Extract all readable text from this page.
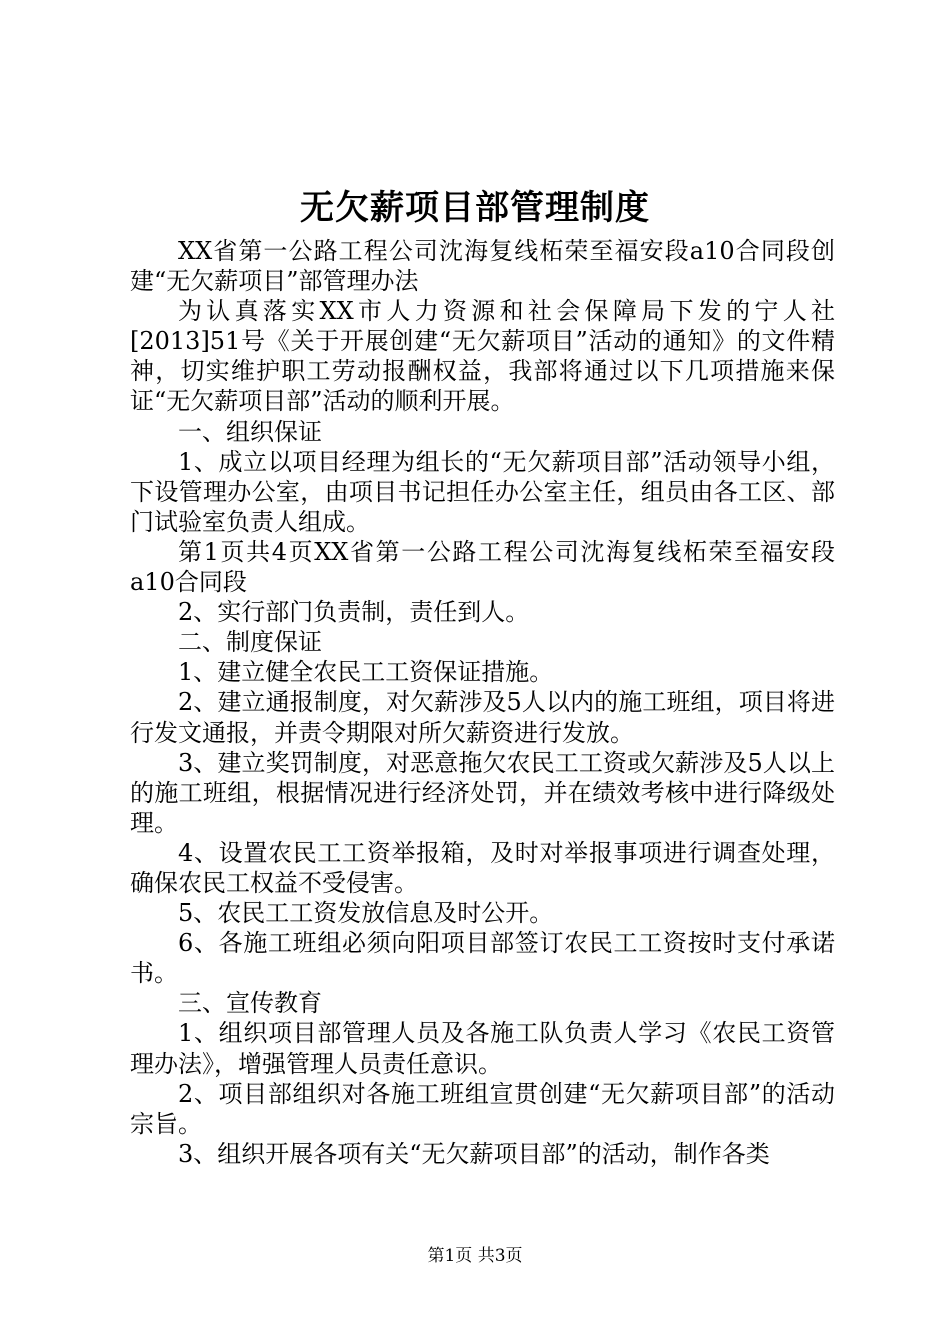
无欠薪项目部管理制度

XX省第一公路工程公司沈海复线柘荣至福安段a10合同段创建“无欠薪项目”部管理办法

为认真落实XX市人力资源和社会保障局下发的宁人社[2013]51号《关于开展创建“无欠薪项目”活动的通知》的文件精神，切实维护职工劳动报酬权益，我部将通过以下几项措施来保证“无欠薪项目部”活动的顺利开展。

一、组织保证

1、成立以项目经理为组长的“无欠薪项目部”活动领导小组，下设管理办公室，由项目书记担任办公室主任，组员由各工区、部门试验室负责人组成。

第1页共4页XX省第一公路工程公司沈海复线柘荣至福安段a10合同段

2、实行部门负责制，责任到人。

二、制度保证

1、建立健全农民工工资保证措施。

2、建立通报制度，对欠薪涉及5人以内的施工班组，项目将进行发文通报，并责令期限对所欠薪资进行发放。

3、建立奖罚制度，对恶意拖欠农民工工资或欠薪涉及5人以上的施工班组，根据情况进行经济处罚，并在绩效考核中进行降级处理。

4、设置农民工工资举报箱，及时对举报事项进行调查处理，确保农民工权益不受侵害。

5、农民工工资发放信息及时公开。

6、各施工班组必须向阳项目部签订农民工工资按时支付承诺书。

三、宣传教育

1、组织项目部管理人员及各施工队负责人学习《农民工资管理办法》，增强管理人员责任意识。

2、项目部组织对各施工班组宣贯创建“无欠薪项目部”的活动宗旨。

3、组织开展各项有关“无欠薪项目部”的活动，制作各类

第1页 共3页
